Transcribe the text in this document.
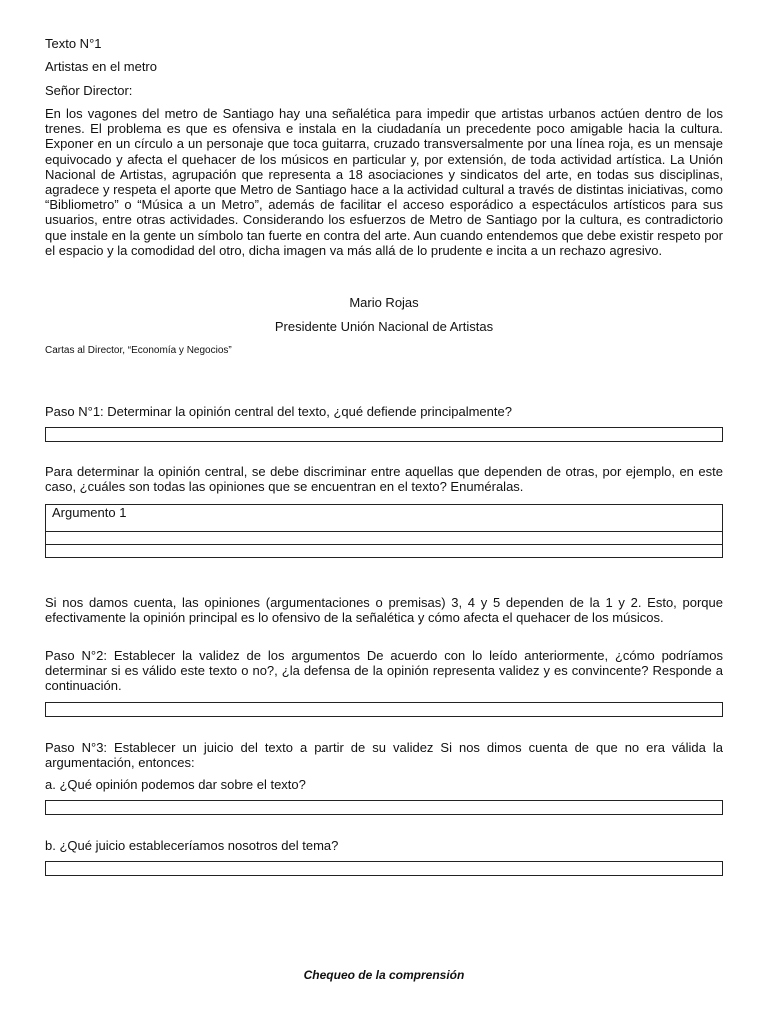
Texto N°1
Artistas en el metro
Señor Director:
En los vagones del metro de Santiago hay una señalética para impedir que artistas urbanos actúen dentro de los trenes. El problema es que es ofensiva e instala en la ciudadanía un precedente poco amigable hacia la cultura. Exponer en un círculo a un personaje que toca guitarra, cruzado transversalmente por una línea roja, es un mensaje equivocado y afecta el quehacer de los músicos en particular y, por extensión, de toda actividad artística. La Unión Nacional de Artistas, agrupación que representa a 18 asociaciones y sindicatos del arte, en todas sus disciplinas, agradece y respeta el aporte que Metro de Santiago hace a la actividad cultural a través de distintas iniciativas, como “Bibliometro” o “Música a un Metro”, además de facilitar el acceso esporádico a espectáculos artísticos para sus usuarios, entre otras actividades. Considerando los esfuerzos de Metro de Santiago por la cultura, es contradictorio que instale en la gente un símbolo tan fuerte en contra del arte. Aun cuando entendemos que debe existir respeto por el espacio y la comodidad del otro, dicha imagen va más allá de lo prudente e incita a un rechazo agresivo.
Mario Rojas
Presidente Unión Nacional de Artistas
Cartas al Director, “Economía y Negocios”
Paso N°1: Determinar la opinión central del texto, ¿qué defiende principalmente?
Para determinar la opinión central, se debe discriminar entre aquellas que dependen de otras, por ejemplo, en este caso, ¿cuáles son todas las opiniones que se encuentran en el texto? Enuméralas.
Argumento 1
Si nos damos cuenta, las opiniones (argumentaciones o premisas) 3, 4 y 5 dependen de la 1 y 2. Esto, porque efectivamente la opinión principal es lo ofensivo de la señalética y cómo afecta el quehacer de los músicos.
Paso N°2: Establecer la validez de los argumentos De acuerdo con lo leído anteriormente, ¿cómo podríamos determinar si es válido este texto o no?, ¿la defensa de la opinión representa validez y es convincente? Responde a continuación.
Paso N°3: Establecer un juicio del texto a partir de su validez Si nos dimos cuenta de que no era válida la argumentación, entonces:
a. ¿Qué opinión podemos dar sobre el texto?
b. ¿Qué juicio estableceríamos nosotros del tema?
Chequeo de la comprensión
